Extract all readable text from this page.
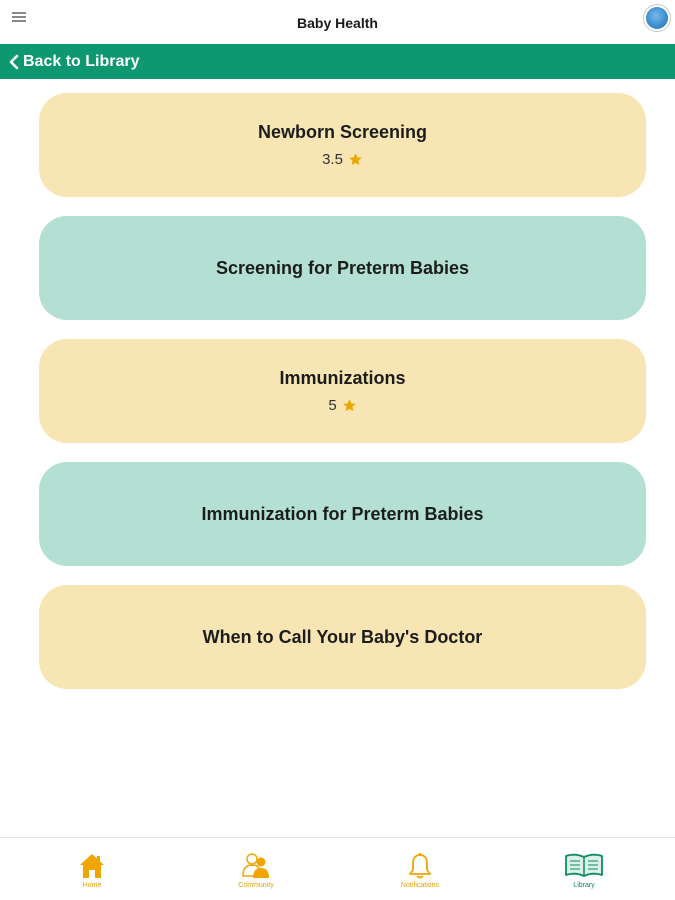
Baby Health
Back to Library
Newborn Screening
3.5
Screening for Preterm Babies
Immunizations
5
Immunization for Preterm Babies
When to Call Your Baby's Doctor
Home	Community	Notifications	Library
